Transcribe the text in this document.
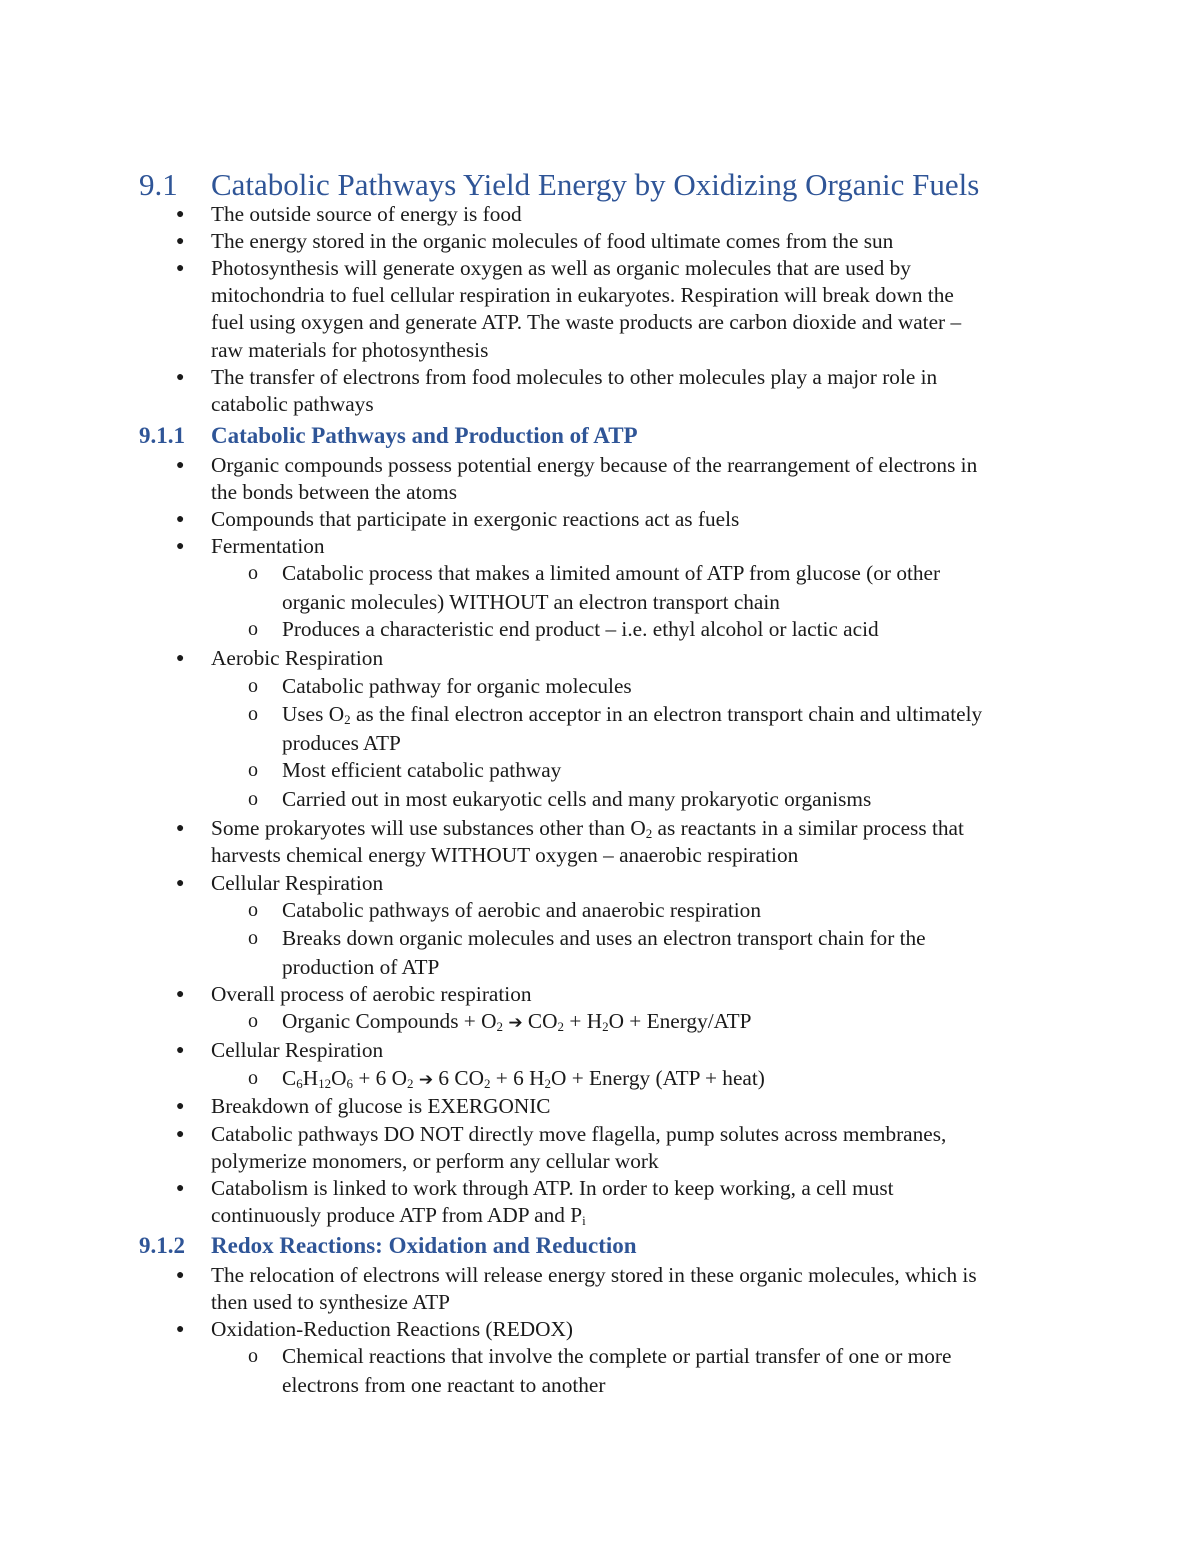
9.1 Catabolic Pathways Yield Energy by Oxidizing Organic Fuels
● The outside source of energy is food
● The energy stored in the organic molecules of food ultimate comes from the sun
● Photosynthesis will generate oxygen as well as organic molecules that are used by
mitochondria to fuel cellular respiration in eukaryotes. Respiration will break down the
fuel using oxygen and generate ATP. The waste products are carbon dioxide and water –
raw materials for photosynthesis
● The transfer of electrons from food molecules to other molecules play a major role in
catabolic pathways
9.1.1 Catabolic Pathways and Production of ATP
● Organic compounds possess potential energy because of the rearrangement of electrons in
the bonds between the atoms
● Compounds that participate in exergonic reactions act as fuels
● Fermentation
o Catabolic process that makes a limited amount of ATP from glucose (or other
organic molecules) WITHOUT an electron transport chain
o Produces a characteristic end product – i.e. ethyl alcohol or lactic acid
● Aerobic Respiration
o Catabolic pathway for organic molecules
o Uses $O_2$ as the final electron acceptor in an electron transport chain and ultimately
produces ATP
o Most efficient catabolic pathway
o Carried out in most eukaryotic cells and many prokaryotic organisms
● Some prokaryotes will use substances other than $O_2$ as reactants in a similar process that
harvests chemical energy WITHOUT oxygen – anaerobic respiration
● Cellular Respiration
o Catabolic pathways of aerobic and anaerobic respiration
o Breaks down organic molecules and uses an electron transport chain for the
production of ATP
● Overall process of aerobic respiration
o Organic Compounds + $O_2$ ➔ $CO_2 + H_2O$ + Energy/ATP
● Cellular Respiration
o $C_6H_{12}O_6 + 6$ $O_2$ ➔ 6 $CO_2 + 6$ $H_2O$ + Energy (ATP + heat)
● Breakdown of glucose is EXERGONIC
● Catabolic pathways DO NOT directly move flagella, pump solutes across membranes,
polymerize monomers, or perform any cellular work
● Catabolism is linked to work through ATP. In order to keep working, a cell must
continuously produce ATP from ADP and $P_i$
9.1.2 Redox Reactions: Oxidation and Reduction
● The relocation of electrons will release energy stored in these organic molecules, which is
then used to synthesize ATP
● Oxidation-Reduction Reactions (REDOX)
o Chemical reactions that involve the complete or partial transfer of one or more
electrons from one reactant to another
